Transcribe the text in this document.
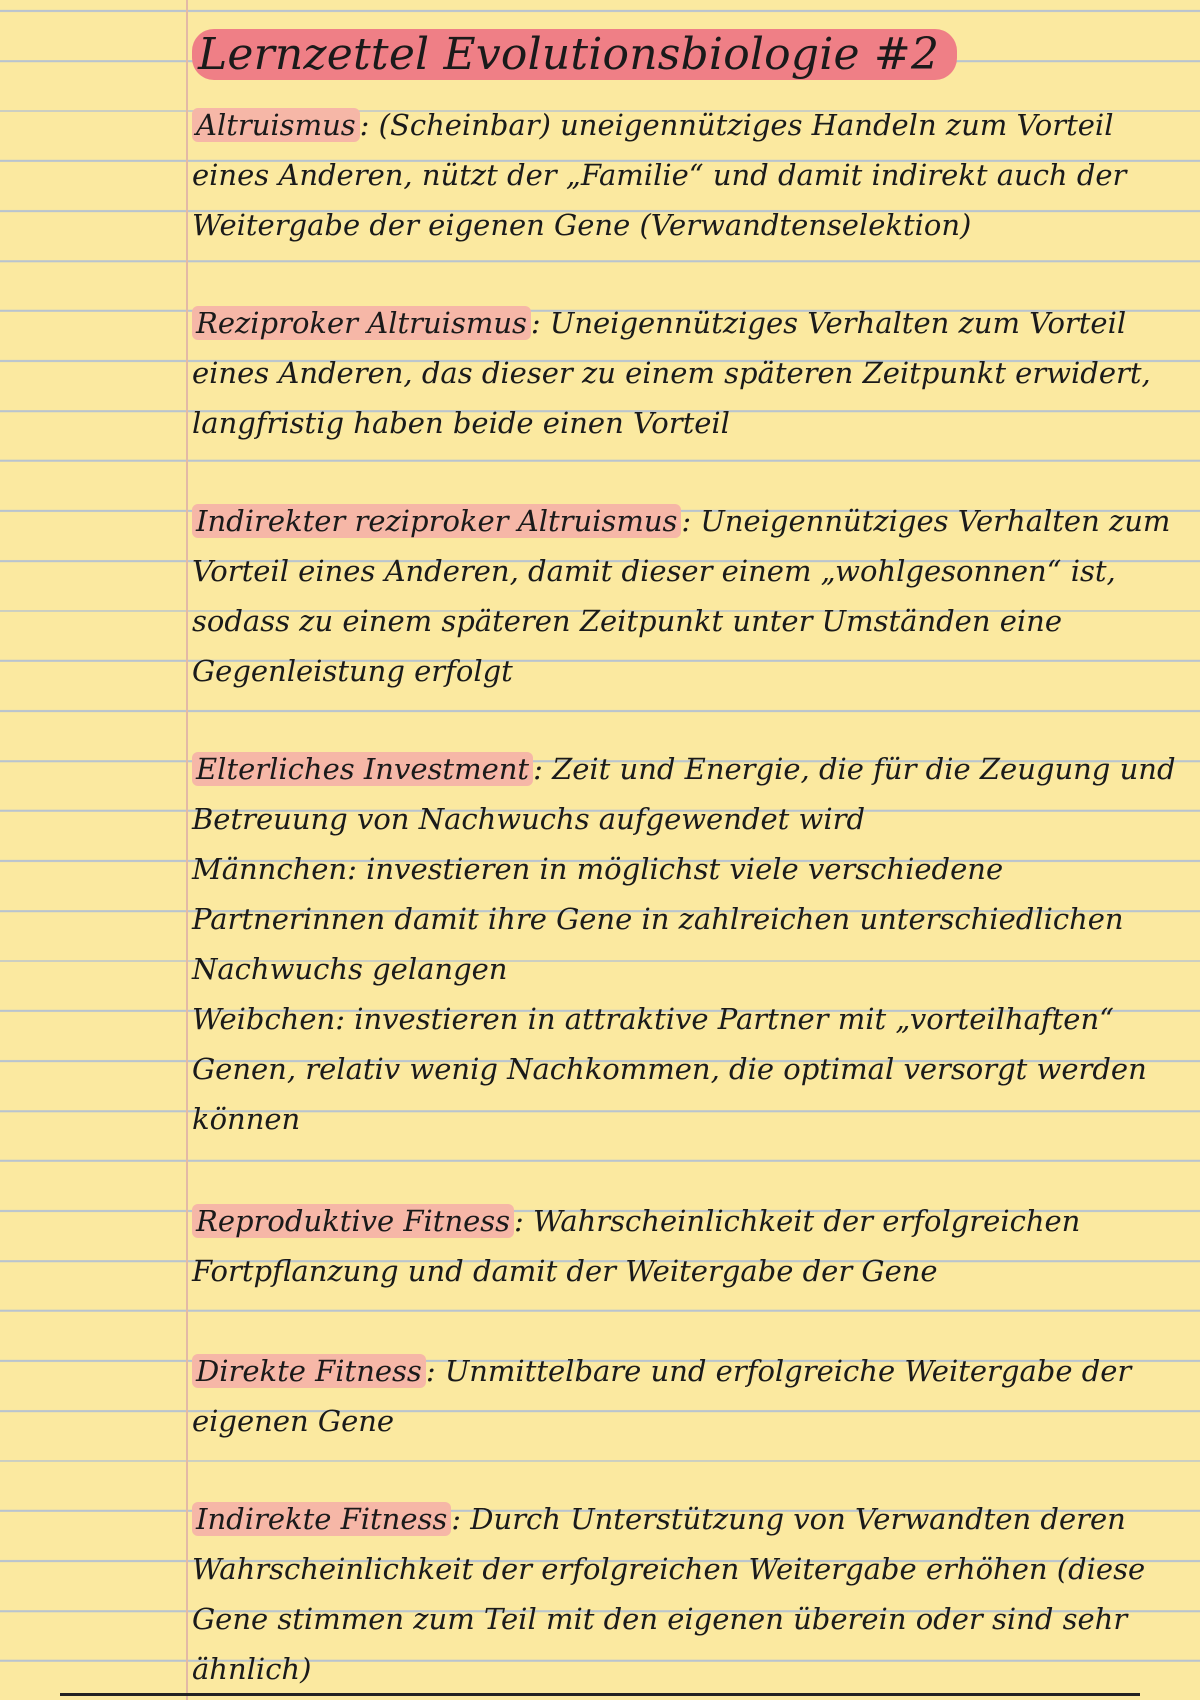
Lernzettel Evolutionsbiologie #2
Altruismus : (Scheinbar) uneigennütziges Handeln zum Vorteil eines Anderen, nützt der „Familie“ und damit indirekt auch der Weitergabe der eigenen Gene (Verwandtenselektion)
Reziproker Altruismus : Uneigennütziges Verhalten zum Vorteil eines Anderen, das dieser zu einem späteren Zeitpunkt erwidert, langfristig haben beide einen Vorteil
Indirekter reziproker Altruismus : Uneigennütziges Verhalten zum Vorteil eines Anderen, damit dieser einem „wohlgesonnen“ ist, sodass zu einem späteren Zeitpunkt unter Umständen eine Gegenleistung erfolgt
Elterliches Investment : Zeit und Energie, die für die Zeugung und Betreuung von Nachwuchs aufgewendet wird
Männchen: investieren in möglichst viele verschiedene Partnerinnen damit ihre Gene in zahlreichen unterschiedlichen Nachwuchs gelangen
Weibchen: investieren in attraktive Partner mit „vorteilhaften“ Genen, relativ wenig Nachkommen, die optimal versorgt werden können
Reproduktive Fitness : Wahrscheinlichkeit der erfolgreichen Fortpflanzung und damit der Weitergabe der Gene
Direkte Fitness : Unmittelbare und erfolgreiche Weitergabe der eigenen Gene
Indirekte Fitness : Durch Unterstützung von Verwandten deren Wahrscheinlichkeit der erfolgreichen Weitergabe erhöhen (diese Gene stimmen zum Teil mit den eigenen überein oder sind sehr ähnlich)
